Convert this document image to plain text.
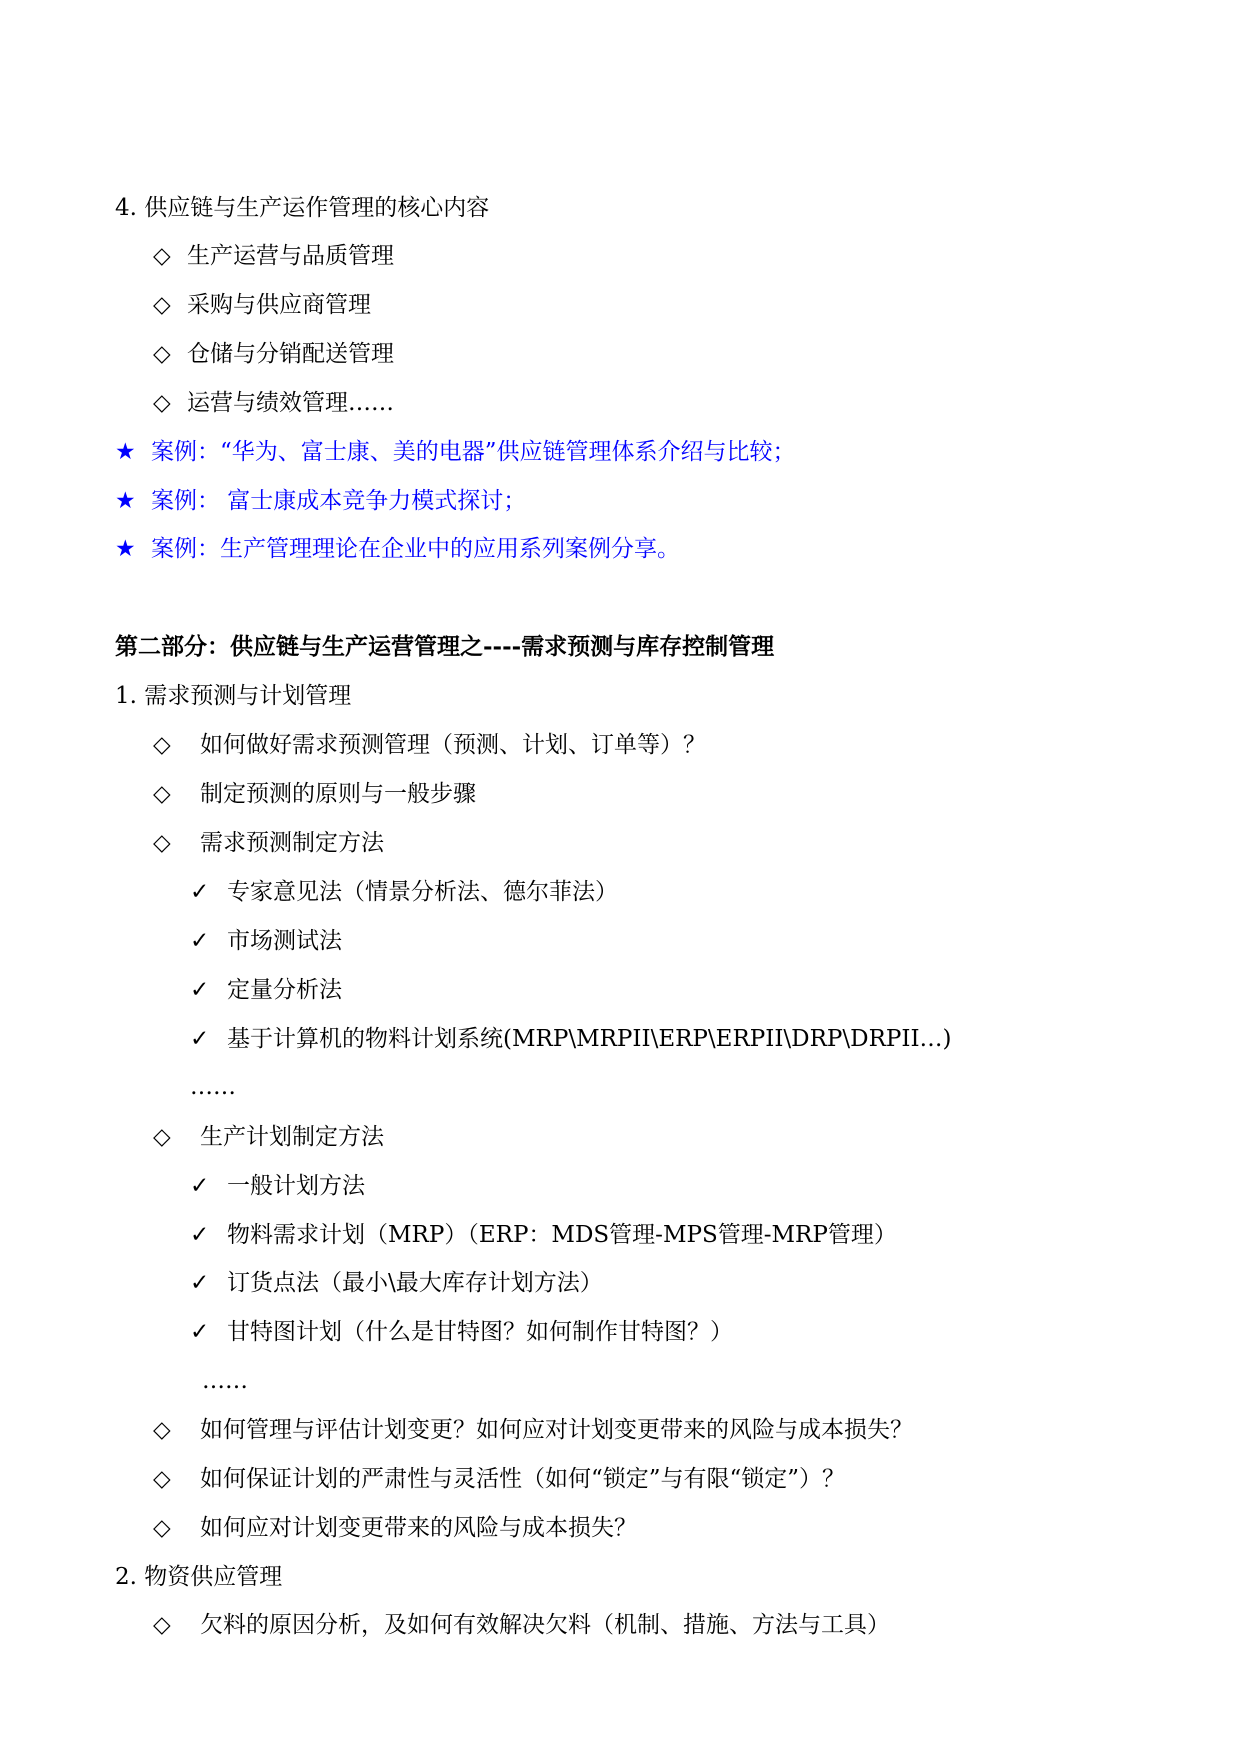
4. 供应链与生产运作管理的核心内容
◇ 生产运营与品质管理
◇ 采购与供应商管理
◇ 仓储与分销配送管理
◇ 运营与绩效管理……
★ 案例：“华为、富士康、美的电器”供应链管理体系介绍与比较；
★ 案例： 富士康成本竞争力模式探讨；
★ 案例：生产管理理论在企业中的应用系列案例分享。
第二部分：供应链与生产运营管理之----需求预测与库存控制管理
1. 需求预测与计划管理
◇ 如何做好需求预测管理（预测、计划、订单等）？
◇ 制定预测的原则与一般步骤
◇ 需求预测制定方法
✓ 专家意见法（情景分析法、德尔菲法）
✓ 市场测试法
✓ 定量分析法
✓ 基于计算机的物料计划系统(MRP\MRPII\ERP\ERPII\DRP\DRPII…)
……
◇ 生产计划制定方法
✓ 一般计划方法
✓ 物料需求计划（MRP）（ERP：MDS管理-MPS管理-MRP管理）
✓ 订货点法（最小\最大库存计划方法）
✓ 甘特图计划（什么是甘特图？如何制作甘特图？）
……
◇ 如何管理与评估计划变更？如何应对计划变更带来的风险与成本损失？
◇ 如何保证计划的严肃性与灵活性（如何“锁定”与有限“锁定”）？
◇ 如何应对计划变更带来的风险与成本损失？
2. 物资供应管理
◇ 欠料的原因分析，及如何有效解决欠料（机制、措施、方法与工具）
